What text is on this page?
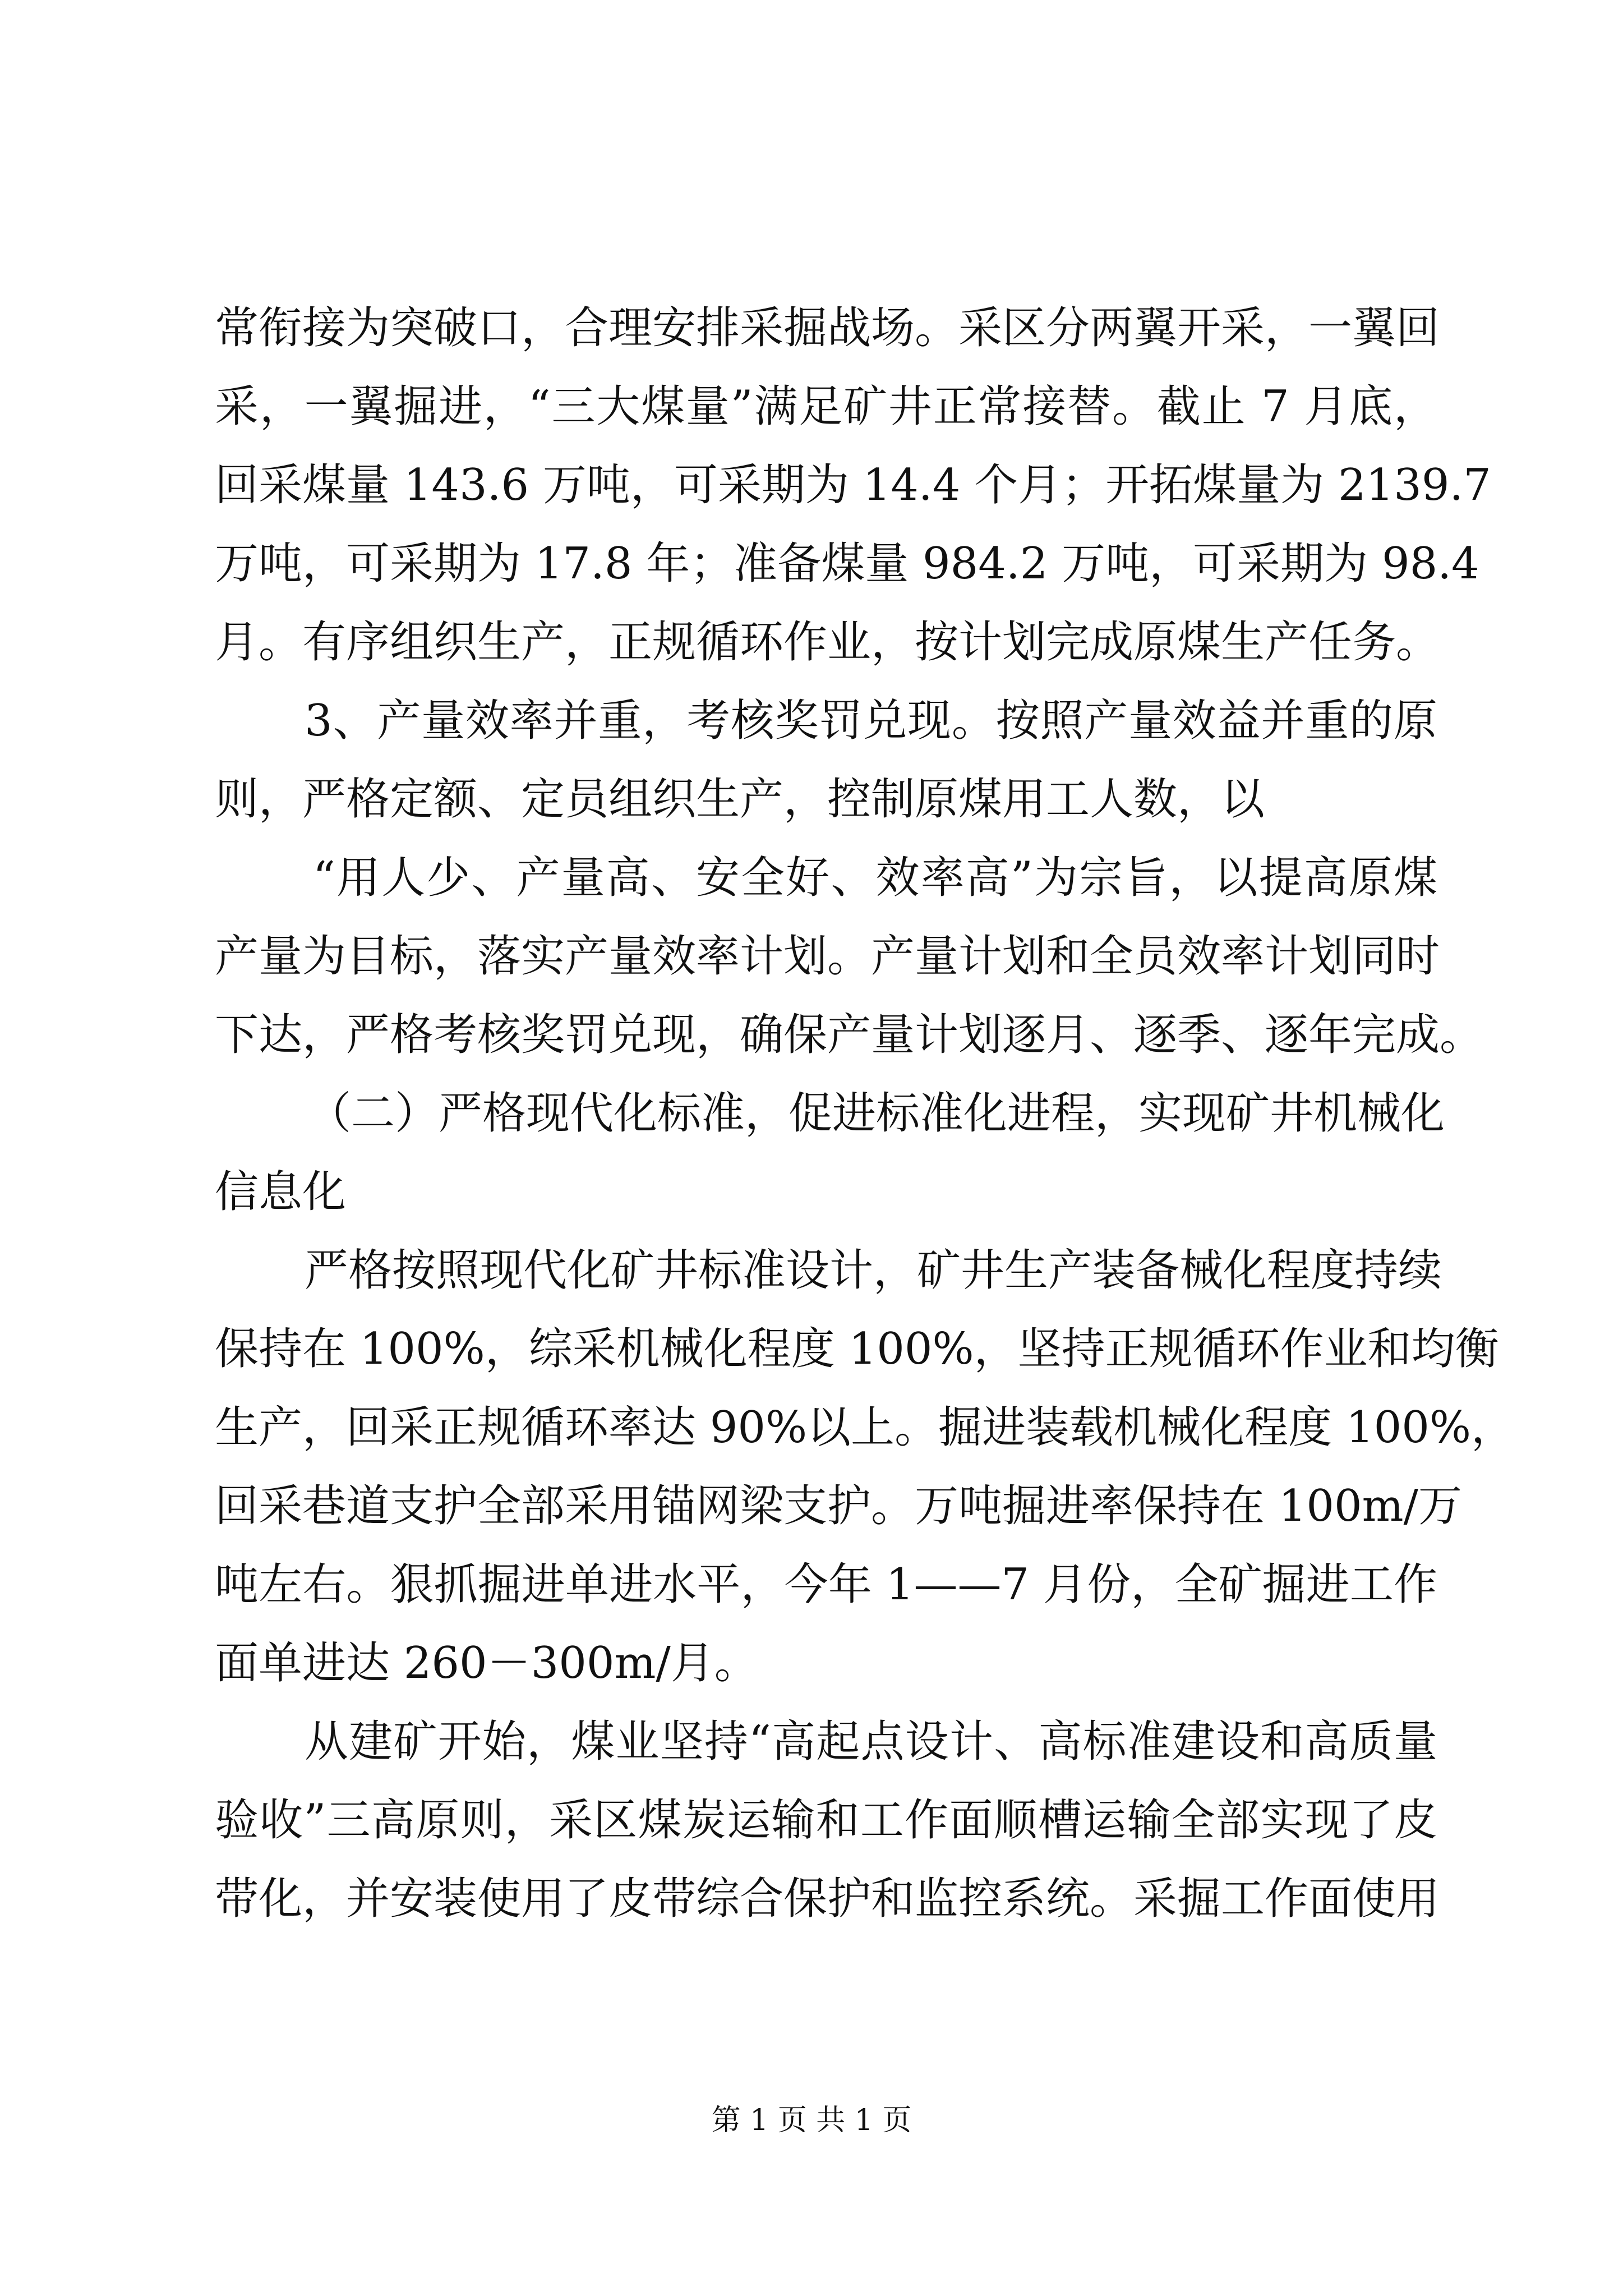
常衔接为突破口，合理安排采掘战场。采区分两翼开采，一翼回
采，一翼掘进，“三大煤量”满足矿井正常接替。截止 7 月底，
回采煤量 143.6 万吨，可采期为 14.4 个月；开拓煤量为 2139.7
万吨，可采期为 17.8 年；准备煤量 984.2 万吨，可采期为 98.4
月。有序组织生产，正规循环作业，按计划完成原煤生产任务。
3、产量效率并重，考核奖罚兑现。按照产量效益并重的原
则，严格定额、定员组织生产，控制原煤用工人数，以
“用人少、产量高、安全好、效率高”为宗旨，以提高原煤
产量为目标，落实产量效率计划。产量计划和全员效率计划同时
下达，严格考核奖罚兑现，确保产量计划逐月、逐季、逐年完成。
（二）严格现代化标准，促进标准化进程，实现矿井机械化
信息化
严格按照现代化矿井标准设计，矿井生产装备械化程度持续
保持在 100%，综采机械化程度 100%，坚持正规循环作业和均衡
生产，回采正规循环率达 90%以上。掘进装载机械化程度 100%，
回采巷道支护全部采用锚网梁支护。万吨掘进率保持在 100m/万
吨左右。狠抓掘进单进水平，今年 1——7 月份，全矿掘进工作
面单进达 260－300m/月。
从建矿开始，煤业坚持“高起点设计、高标准建设和高质量
验收”三高原则，采区煤炭运输和工作面顺槽运输全部实现了皮
带化，并安装使用了皮带综合保护和监控系统。采掘工作面使用
第 1 页 共 1 页
